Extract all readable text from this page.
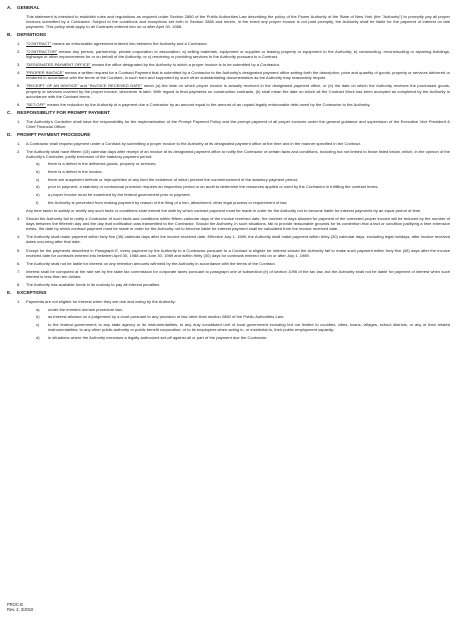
A.	GENERAL
This statement is intended to establish rules and regulations as required under Section 2880 of the Public Authorities Law describing the policy of the Power Authority of the State of New York (the "Authority") to promptly pay all proper invoices submitted by a Contractor. Subject to the conditions and exceptions set forth in Section 2880 and herein, in the event any proper invoice is not paid promptly, the Authority shall be liable for the payment of interest on late payments. This policy shall apply to all Contracts entered into on or after April 30, 1988.
B.	DEFINITIONS
1.	"CONTRACT" means an enforceable agreement entered into between the Authority and a Contractor.
2.	"CONTRACTOR" means any person, partnership, private corporation or association: a) selling materials, equipment or supplies or leasing property or equipment to the Authority; b) constructing, reconstructing or repairing buildings, highways or other improvements for or on behalf of the Authority; or c) rendering or providing services to the Authority pursuant to a Contract.
3.	"DESIGNATED PAYMENT OFFICE" means the office designated by the Authority to which a proper invoice is to be submitted by a Contractor.
4.	"PROPER INVOICE" means a written request for a Contract Payment that is submitted by a Contractor to the Authority's designated payment office setting forth the description, price and quantity of goods, property or services delivered or rendered in accordance with the terms of the Contract, in such form and supported by such other substantiating documentation as the Authority may reasonably require.
5.	"RECEIPT OF AN INVOICE" and "INVOICE RECEIVED DATE" mean (a) the date on which proper invoice is actually received in the designated payment office, or (b) the date on which the Authority receives the purchased goods, property or services covered by the proper invoice, whichever is later. With regard to final payments on construction contracts, (b) shall mean the date on which all the Contract Work has been accepted as completed by the Authority in accordance with the Contract terms.
6.	"SET-OFF" means the reduction by the Authority of a payment due a Contractor by an amount equal to the amount of an unpaid legally enforceable debt owed by the Contractor to the Authority.
C.	RESPONSIBILITY FOR PROMPT PAYMENT
1.	The Authority's Controller shall have the responsibility for the implementation of the Prompt Payment Policy and the prompt payment of all proper invoices under the general guidance and supervision of the Executive Vice President & Chief Financial Officer.
D.	PROMPT PAYMENT PROCEDURE
1.	A Contractor shall request payment under a Contract by submitting a proper invoice to the Authority at its designated payment office at the time and in the manner specified in the Contract.
2.	The Authority shall have fifteen (15) calendar days after receipt of an invoice at its designated payment office to notify the Contractor of certain facts and conditions, including but not limited to those listed below, which, in the opinion of the Authority's Controller, justify extension of the statutory payment period:
a)	there is a defect in the delivered goods, property or services;
b)	there is a defect in the invoice;
c)	there are suspected defects or improprieties of any kind the existence of which prevent the commencement of the statutory payment period;
d)	prior to payment, a statutory or contractual provision requires an inspection period or an audit to determine the resources applied or used by the Contractor in fulfilling the contract terms;
e)	a proper invoice must be examined by the federal government prior to payment;
f)	the Authority is prevented from making payment by reason of the filing of a lien, attachment, other legal process or requirement of law.
Any time taken to satisfy or rectify any such facts or conditions shall extend the date by which contract payment must be made in order for the Authority not to become liable for interest payments by an equal period of time.
3.	Should the Authority fail to notify a Contractor of such facts and conditions within fifteen calendar days of the invoice received date, the number of days allowed for payment of the corrected proper invoice will be reduced by the number of days between the fifteenth day and the day that notification was transmitted to the Contractor. Should the Authority, in such situations, fail to provide reasonable grounds for its contention that a fact or condition justifying a time extension exists, the date by which contract payment must be made in order for the Authority not to become liable for interest payment shall be calculated from the invoice received date.
4.	The Authority shall make payment within forty five (45) calendar days after the invoice received date. Effective July 1, 1989, the Authority shall make payment within thirty (30) calendar days, excluding legal holidays, after invoice received dates occurring after that date.
5.	Except for the payments described in Paragraph E, every payment by the Authority to a Contractor pursuant to a Contract is eligible for interest should the Authority fail to make such payment within forty five (45) days after the invoice received date for contracts entered into between April 30, 1988 and June 30, 1989 and within thirty (30) days for contracts entered into on or after July 1, 1989.
6.	The Authority shall not be liable for interest on any retention amounts withheld by the Authority in accordance with the terms of the Contract.
7.	Interest shall be computed at the rate set by the state tax commission for corporate taxes pursuant to paragraph one of subsection (e) of section 1096 of the tax law, but the Authority shall not be liable for payment of interest when such interest is less than ten dollars.
8.	The Authority has available funds in its custody to pay all interest penalties.
E.	EXCEPTIONS
1.	Payments are not eligible for interest when they are due and owing by the Authority:
a)	under the eminent domain procedure law;
b)	as interest allowed on a judgement by a court pursuant to any provision of law other than section 2880 of the Public Authorities Law;
c)	to the federal government; to any state agency or its instrumentalities; to any duly constituted unit of local government including but not limited to counties, cities, towns, villages, school districts, or any of their related instrumentalities; to any other public authority or public benefit corporation; or to its employees when acting in, or incidental to, their public employment capacity;
d)	in situations where the Authority exercises a legally authorized set-off against all or part of the payment due the Contractor.
PROC-B
Rev. 2, 3/2010
